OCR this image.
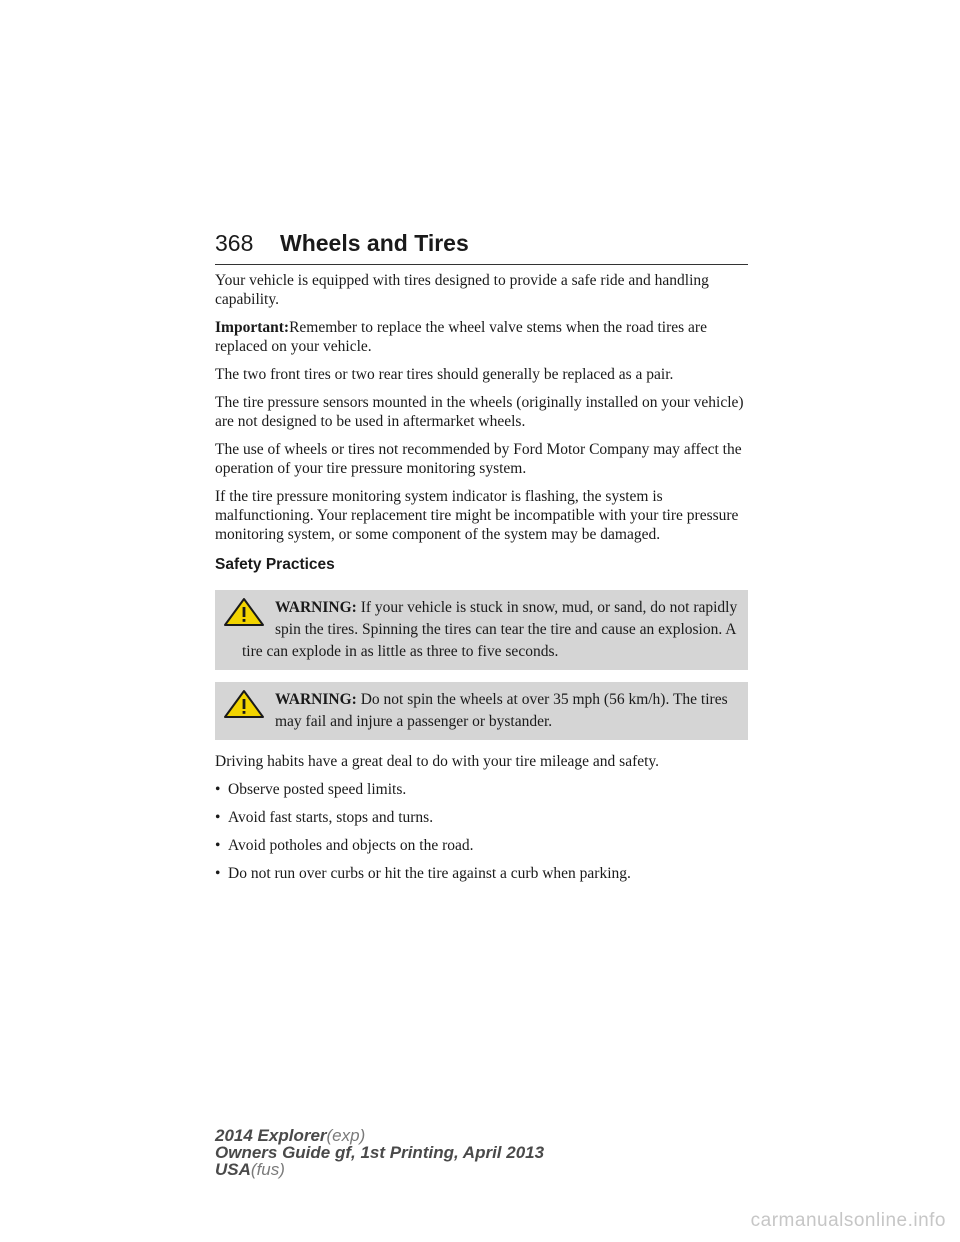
368 Wheels and Tires

Your vehicle is equipped with tires designed to provide a safe ride and handling capability.

Important:Remember to replace the wheel valve stems when the road tires are replaced on your vehicle.

The two front tires or two rear tires should generally be replaced as a pair.

The tire pressure sensors mounted in the wheels (originally installed on your vehicle) are not designed to be used in aftermarket wheels.

The use of wheels or tires not recommended by Ford Motor Company may affect the operation of your tire pressure monitoring system.

If the tire pressure monitoring system indicator is flashing, the system is malfunctioning. Your replacement tire might be incompatible with your tire pressure monitoring system, or some component of the system may be damaged.

Safety Practices
WARNING: If your vehicle is stuck in snow, mud, or sand, do not rapidly spin the tires. Spinning the tires can tear the tire and cause an explosion. A tire can explode in as little as three to five seconds.
WARNING: Do not spin the wheels at over 35 mph (56 km/h). The tires may fail and injure a passenger or bystander.

Driving habits have a great deal to do with your tire mileage and safety.

• Observe posted speed limits.
• Avoid fast starts, stops and turns.
• Avoid potholes and objects on the road.
• Do not run over curbs or hit the tire against a curb when parking.
2014 Explorer(exp)
Owners Guide gf, 1st Printing, April 2013
USA(fus)
carmanualsonline.info
